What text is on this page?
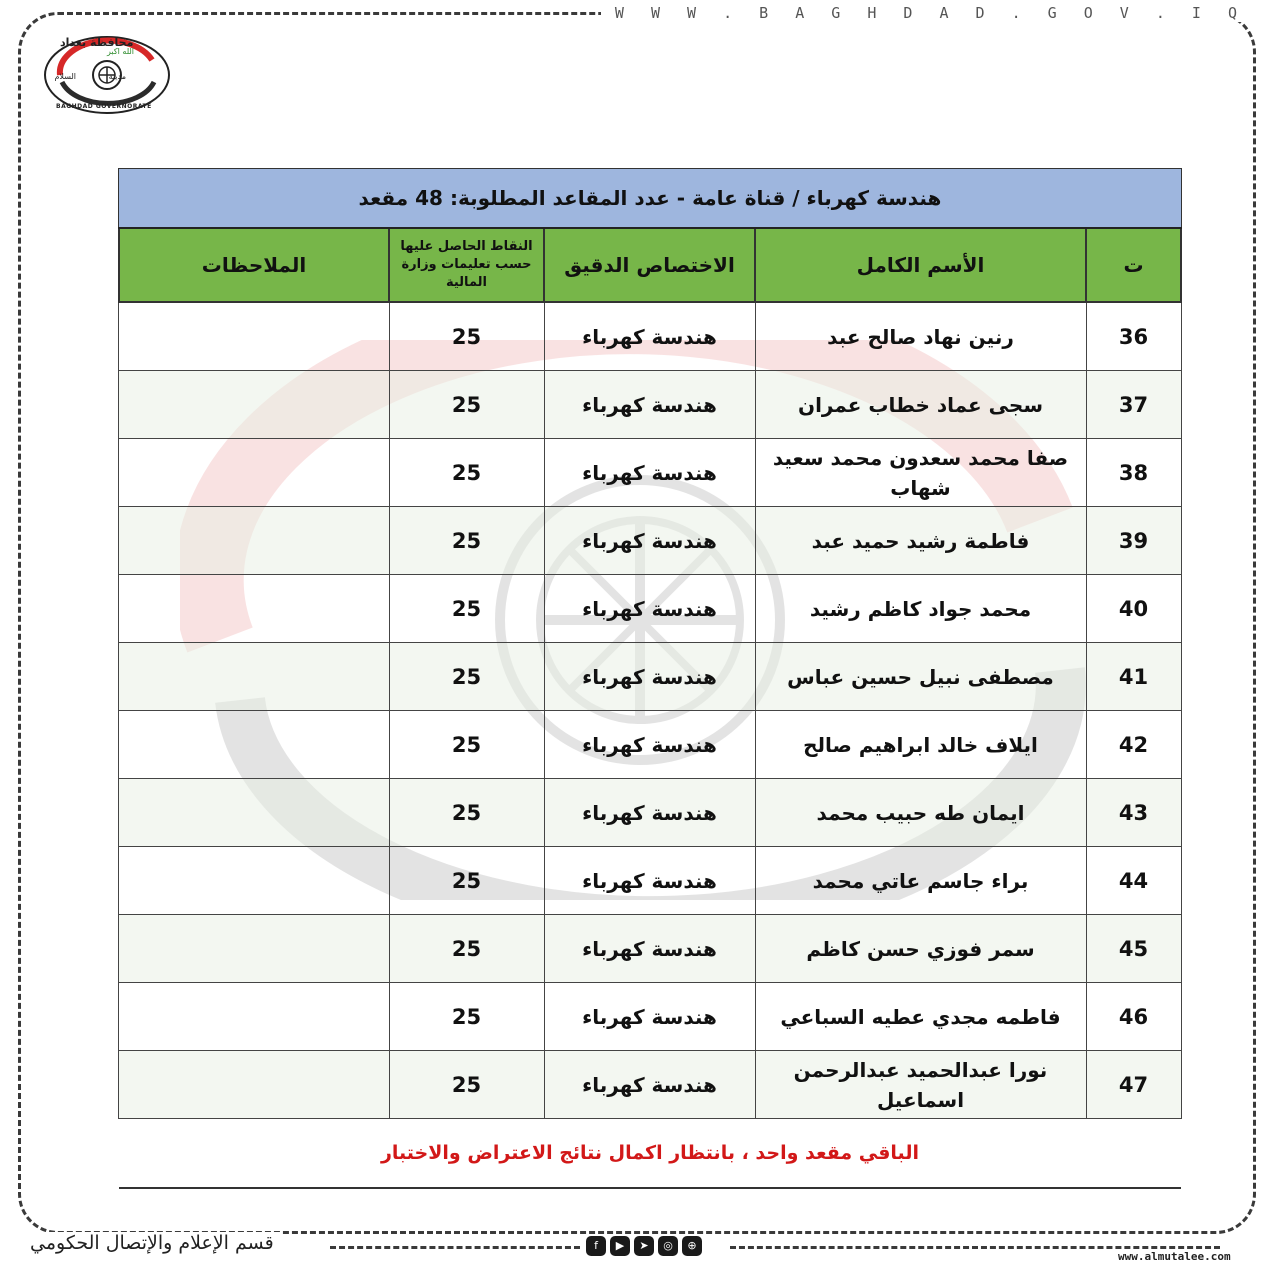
W W W . B A G H D A D . G O V . I Q
الله اكبر
مدينة
السلام
محافظة بغداد
BAGHDAD GOVERNORATE
هندسة كهرباء / قناة عامة - عدد المقاعد المطلوبة: 48 مقعد				
ت	الأسم الكامل	الاختصاص الدقيق	النقاط الحاصل عليها حسب تعليمات وزارة المالية	الملاحظات
36	رنين نهاد صالح عبد	هندسة كهرباء	25	
37	سجى عماد خطاب عمران	هندسة كهرباء	25	
38	صفا محمد سعدون محمد سعيد شهاب	هندسة كهرباء	25	
39	فاطمة رشيد حميد عبد	هندسة كهرباء	25	
40	محمد جواد كاظم رشيد	هندسة كهرباء	25	
41	مصطفى نبيل حسين عباس	هندسة كهرباء	25	
42	ايلاف خالد ابراهيم صالح	هندسة كهرباء	25	
43	ايمان طه حبيب محمد	هندسة كهرباء	25	
44	براء جاسم عاتي محمد	هندسة كهرباء	25	
45	سمر فوزي حسن كاظم	هندسة كهرباء	25	
46	فاطمه مجدي عطيه السباعي	هندسة كهرباء	25	
47	نورا عبدالحميد عبدالرحمن اسماعيل	هندسة كهرباء	25	
الباقي مقعد واحد ، بانتظار اكمال نتائج الاعتراض والاختبار				
قسم الإعلام والإتصال الحكومي	f	▶	➤	◎	⊕
www.almutalee.com
